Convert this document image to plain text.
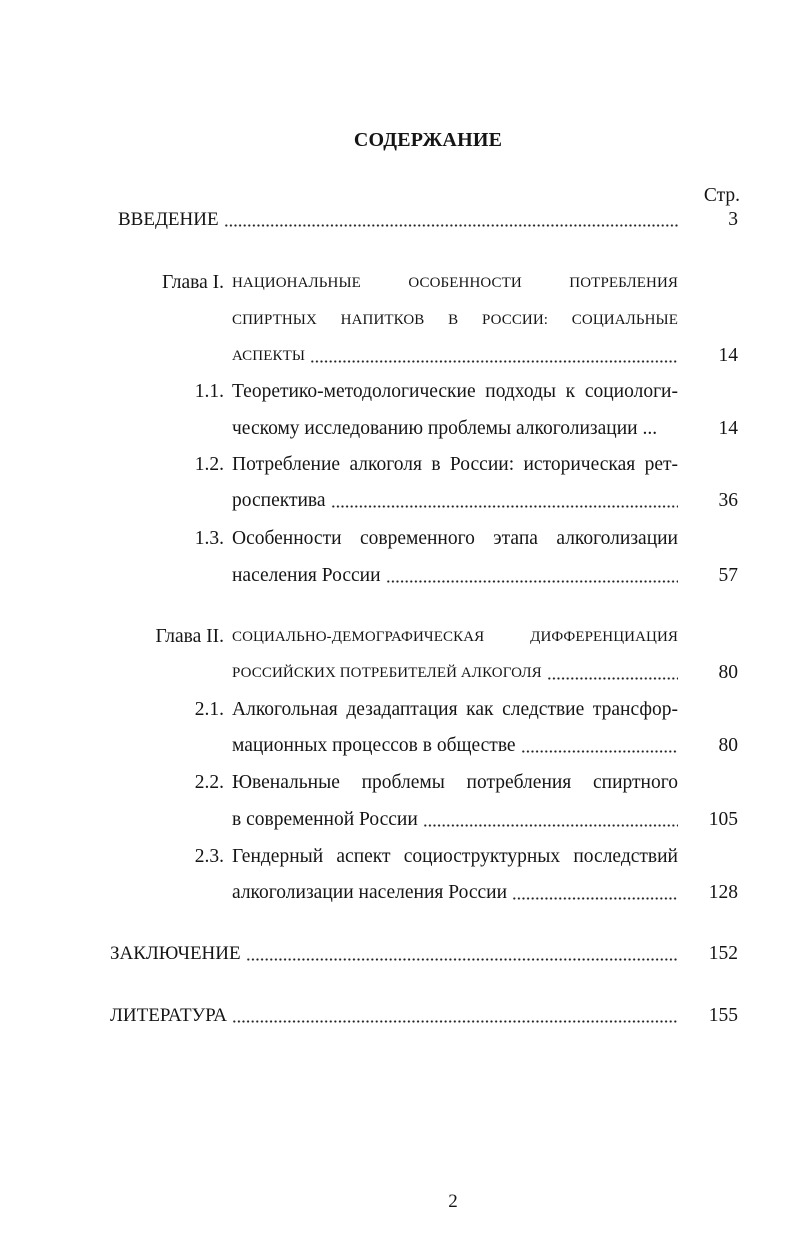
СОДЕРЖАНИЕ
Стр.
ВВЕДЕНИЕ	3
Глава I. НАЦИОНАЛЬНЫЕ ОСОБЕННОСТИ ПОТРЕБЛЕНИЯ
СПИРТНЫХ НАПИТКОВ В РОССИИ: СОЦИАЛЬНЫЕ
АСПЕКТЫ	14
1.1. Теоретико-методологические подходы к социологи-
ческому исследованию проблемы алкоголизации ...	14
1.2. Потребление алкоголя в России: историческая рет-
роспектива	36
1.3. Особенности современного этапа алкоголизации
населения России	57
Глава II. СОЦИАЛЬНО-ДЕМОГРАФИЧЕСКАЯ ДИФФЕРЕНЦИАЦИЯ
РОССИЙСКИХ ПОТРЕБИТЕЛЕЙ АЛКОГОЛЯ	80
2.1. Алкогольная дезадаптация как следствие трансфор-
мационных процессов в обществе	80
2.2. Ювенальные проблемы потребления спиртного
в современной России	105
2.3. Гендерный аспект социоструктурных последствий
алкоголизации населения России	128
ЗАКЛЮЧЕНИЕ	152
ЛИТЕРАТУРА	155
2
